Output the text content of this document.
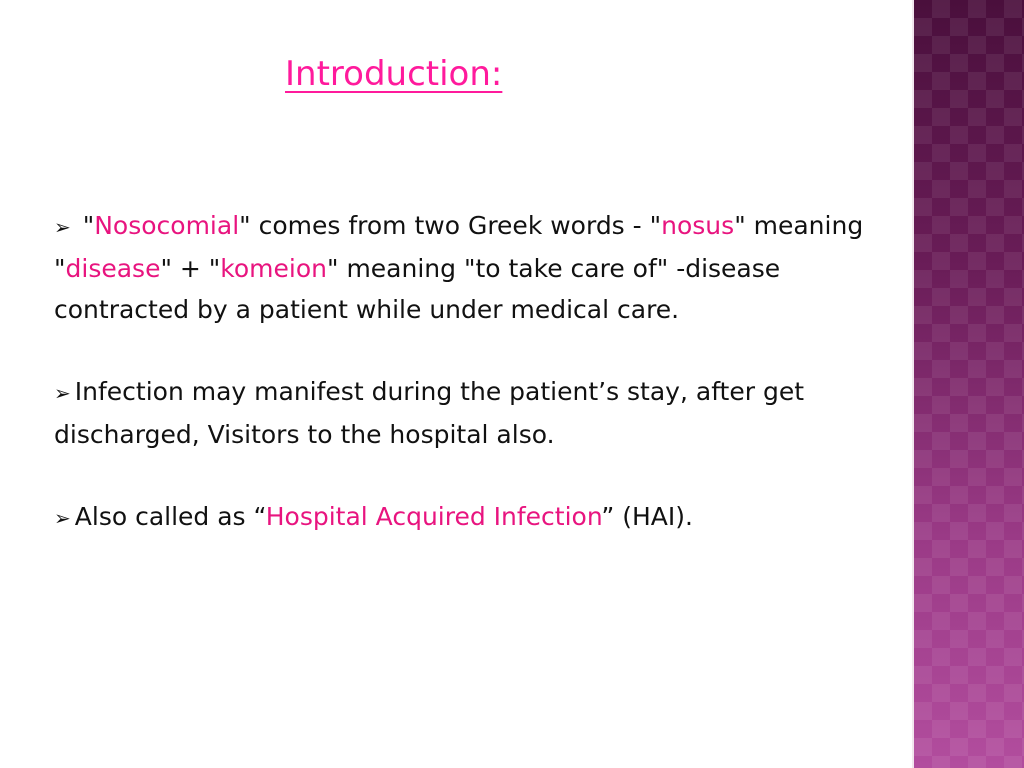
Introduction:

➢ "Nosocomial" comes from two Greek words - "nosus" meaning "disease" + "komeion" meaning "to take care of" -disease contracted by a patient while under medical care.

➢ Infection may manifest during the patient’s stay, after get discharged, Visitors to the hospital also.

➢ Also called as “Hospital Acquired Infection” (HAI).
